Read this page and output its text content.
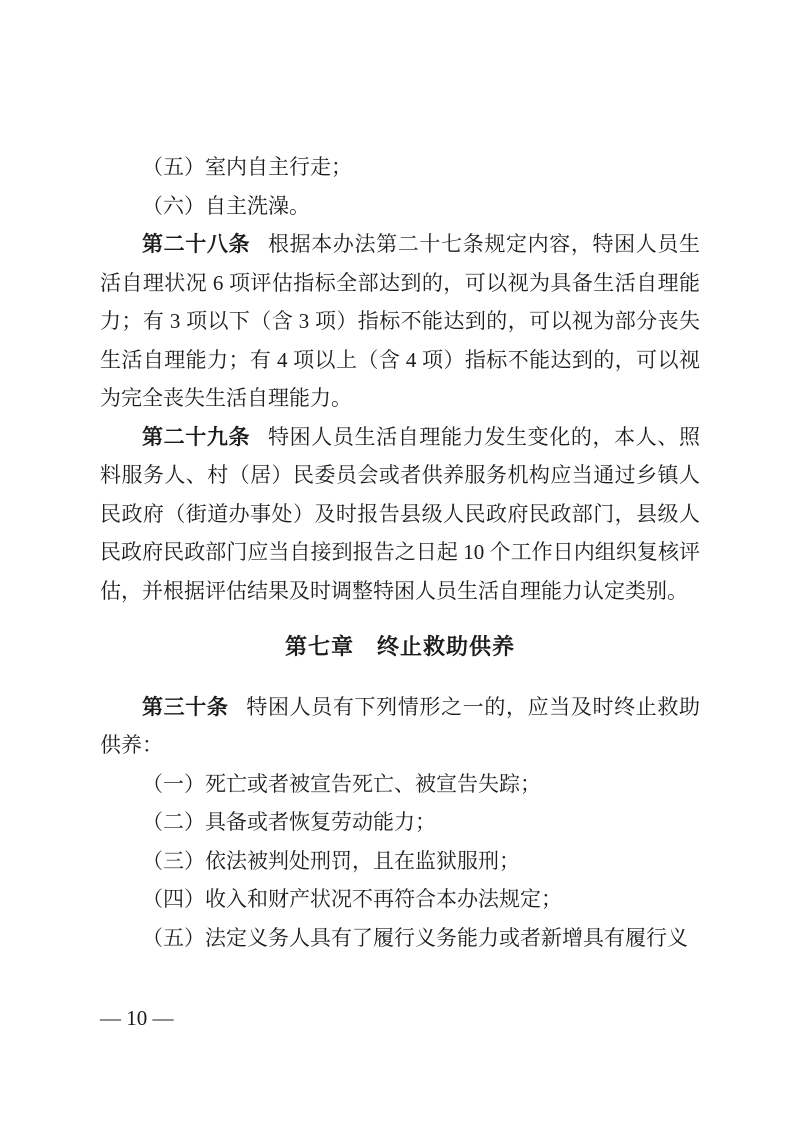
（五）室内自主行走；

（六）自主洗澡。

第二十八条 根据本办法第二十七条规定内容，特困人员生活自理状况 6 项评估指标全部达到的，可以视为具备生活自理能力；有 3 项以下（含 3 项）指标不能达到的，可以视为部分丧失生活自理能力；有 4 项以上（含 4 项）指标不能达到的，可以视为完全丧失生活自理能力。

第二十九条 特困人员生活自理能力发生变化的，本人、照料服务人、村（居）民委员会或者供养服务机构应当通过乡镇人民政府（街道办事处）及时报告县级人民政府民政部门，县级人民政府民政部门应当自接到报告之日起 10 个工作日内组织复核评估，并根据评估结果及时调整特困人员生活自理能力认定类别。

第七章　终止救助供养

第三十条 特困人员有下列情形之一的，应当及时终止救助供养：

（一）死亡或者被宣告死亡、被宣告失踪；

（二）具备或者恢复劳动能力；

（三）依法被判处刑罚，且在监狱服刑；

（四）收入和财产状况不再符合本办法规定；

（五）法定义务人具有了履行义务能力或者新增具有履行义

— 10 —
